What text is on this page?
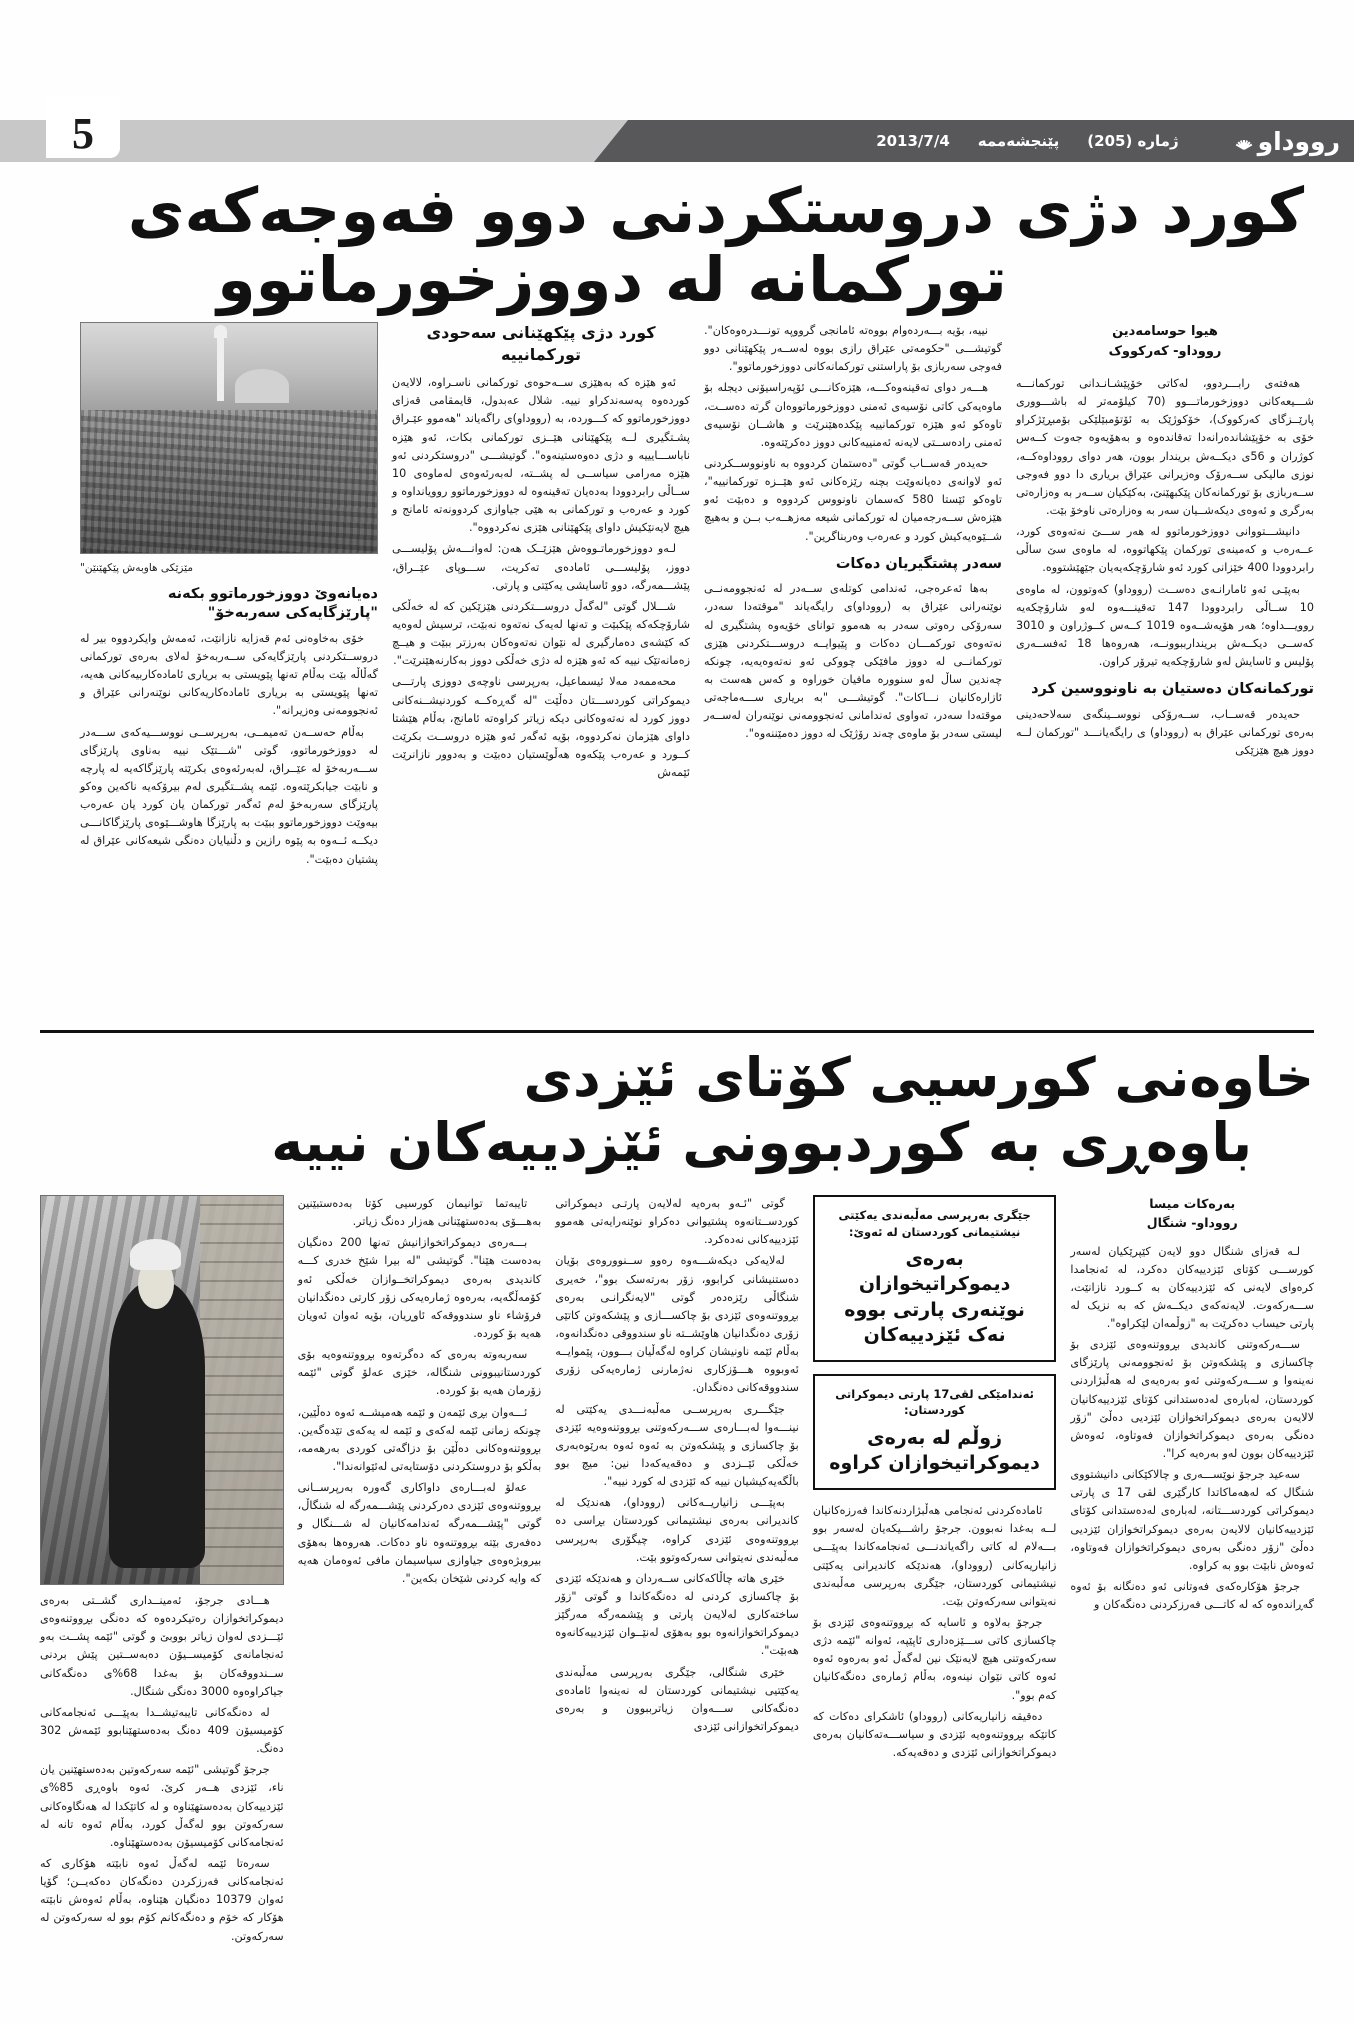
رووداو
ژماره (205)
پێنجشەممە
2013/7/4
5
کورد دژی دروستکردنی دوو فەوجەکەی
تورکمانە لە دووزخورماتوو
هیوا حوسامەدین
رووداو- کەرکووک

هەفتەی رابـــردوو، لەکاتی خۆپێشـانـدانی تورکمانـــە شـــیعەکانی دووزخورماتـــوو (70 کیلۆمەتر لە باشـــووری پارێــزگای کەرکووک)، خۆکوژێک بە ئۆتۆمبێلێکی بۆمبڕێژکراو خۆی بە خۆپێشاندەرانەدا تەقاندەوە و بەهۆیەوە جەوت کــەس کوژران و 56ی دیکــەش بریندار بوون، ھەر دوای رووداوەکــە، نوزی مالیکی ســەرۆک وەزیرانی عێراق بریاری دا دوو فەوجی ســەربازی بۆ تورکمانەکان پێکبهێنێ، بەکێکیان ســەر بە وەزارەتی بەرگری و ئەوەی دیکەشــیان سەر بە وەزارەتی ناوخۆ بێت.

دانیشـــتووانی دووزخورماتوو لە ھەر ســـێ نەتەوەی کورد، عــەرەب و کەمینەی تورکمان پێکهاتووە، لە ماوەی سێ ساڵی رابردوودا 400 خێزانی کورد ئەو شارۆچکەیەیان جێهێشتووە.

بەپێـی ئەو ئامارانـەی دەســت (رووداو) کەوتوون، لە ماوەی 10 ســاڵی رابردوودا 147 تەقینـــەوە لەو شارۆچکەیە روویـــداوە؛ ھەر ھۆیەشــەوە 1019 کــەس کــوژراون و 3010 کەســی دیکــەش بریندارببوونــە، ھەروەھا 18 ئەفســەری پۆلیس و ئاسایش لەو شارۆچکەیە تیرۆر کراون.

تورکمانەکان دەستیان بە ناونووسین کرد

حەیدەر قەســاب، ســەرۆکی نووســینگەی سەلاحەدینی بەرەی تورکمانی عێراق بە (رووداو) ی رایگەیانـــد "تورکمان لــە دووز ھیچ ھێزێکی

نییە، بۆیە بـــەردەوام بووەتە ئامانجی گرووپە تونـــدرەوەکان". گوتیشـــی "حکومەتی عێراق رازی بووە لەســەر پێکهێنانی دوو فەوجی سەربازی بۆ پاراستنی تورکمانەکانی دووزخورماتوو".

ھـــەر دوای تەقینەوەکـــە، ھێزەکانـــی ئۆپەراسیۆنی دیجلە بۆ ماوەیەکی کاتی نۆسیەی ئەمنی دووزخورماتووەان گرتە دەســت، تاوەکو ئەو ھێزە تورکمانییە پێکدەھێنرێت و ھاشــان نۆسیەی ئەمنی رادەســتی لایەنە ئەمنییەکانی دووز دەکرێتەوە.

حەیدەر قەســاب گوتی "دەستمان کردووە بە ناونووســکردنی ئەو لاوانەی دەیانەوێت بچنە رێزەکانی ئەو ھێــزە تورکمانییە"، تاوەکو ئێستا 580 کەسمان ناونووس کردووە و دەبێت ئەو ھێزەش ســەرجەمیان لە تورکمانی شیعە مەزھــەب بــن و بەھیچ شــێوەیەکیش کورد و عەرەب وەربناگرین".

سەدر پشتگیریان دەکات

بەھا ئەعرەجی، ئەندامی کوتلەی ســەدر لە ئەنجوومەنــی نوێنەرانی عێراق بە (رووداو)ی رایگەیاند "موقتەدا سەدر، سەرۆکی رەوتی سەدر بە ھەموو توانای خۆیەوە پشتگیری لە نەتەوەی تورکمـــان دەکات و پێیوایــە دروســـتکردنی ھێزی تورکمانــی لە دووز مافێکی چووکی ئەو نەتەوەیەیە، چونکە چەندین ساڵ لەو سنوورە مافیان خوراوە و کەس ھەست بە ئازارەکانیان نـــاکات". گوتیشـــی "بە بریاری ســـەماجەتی موقتەدا سەدر، تەواوی ئەندامانی ئەنجوومەنی نوێنەران لەســەر لیستی سەدر بۆ ماوەی چەند رۆژێک لە دووز دەمێننەوە".

کورد دژی پێکهێنانی سەحودی تورکمانییە

ئەو ھێزە کە بەھێزی ســەحوەی تورکمانی ناسـراوە، لالایەن کوردەوە پەسەندکراو نییە. شلال عەبدول، قایمقامی قەزای دووزخورماتوو کە کـــوردە، بە (رووداو)ی راگەیاند "ھەموو عێـراق پشـتگیری لــە پێکهێنانی ھێــزی تورکمانی بکات، ئەو ھێزە ناباســـایییە و دژی دەوەستینەوە". گوتیشـــی "دروستکردنی ئەو ھێزە مەرامی سیاســی لە پشــتە، لەبەرئەوەی لەماوەی 10 ســاڵی رابردوودا بەدەیان تەقینەوە لە دووزخورماتوو روویانداوە و کورد و عەرەب و تورکمانی بە ھێی جیاوازی کردوونەتە ئامانج و ھیچ لایەنێکیش داوای پێکھێنانی ھێزی نەکردووە".

لـەو دووزخورماتـووەش ھێزێــک ھەن: لەوانـــەش پۆلیســـی دووز، پۆلیســـی ئامادەی تەکریت، ســـوپای عێــراق، پێشـــمەرگە، دوو ئاسایشی یەکێتی و پارتی.

شـــلال گوتی "لەگەڵ دروســـتکردنی ھێزێکین کە لە خەڵکی شارۆچکەکە پێکبێت و تەنها لەیەک نەتەوە نەبێت، ترسیش لەوەیە کە کێشەی دەمارگیری لە نێوان نەتەوەکان بەرزتر ببێت و ھیــچ زەمانەتێک نییە کە ئەو ھێزە لە دژی خەڵکی دووز بەکارنەھێنرێت".

محەممەد مەلا ئیسماعیل، بەرپرسی ناوچەی دووزی پارتـــی دیموکراتی کوردســـتان دەڵێت "لە گەڕەکــە کوردنیشــنەکانی دووز کورد لە نەتەوەکانی دیکە زیاتر کراوەتە ئامانج، بەڵام ھێشتا داوای ھێزمان نەکردووە، بۆیە ئەگەر ئەو ھێزە دروســت بکرێت کــورد و عەرەب پێکەوە ھەڵوێستیان دەبێت و بەدوور نازانرێت ئێمەش

مێزێکی هاوبەش پێکهێنێن"
دەیانەوێ دووزخورماتوو بکەنە "پارێزگایەکی سەربەخۆ"

خۆی بەخاوەنی ئەم قەزایە نازانێت، ئەمەش وایکردووە بیر لە دروســتکردنی پارێزگایەکی ســەربەخۆ لەلای بەرەی تورکمانی گەڵاڵە بێت بەڵام تەنها پێویستی بە بریاری ئامادەکاربیەکانی ھەیە، تەنها پێویستی بە بریاری ئامادەکاریەکانی نوێنەرانی عێراق و ئەنجوومەنی وەزیرانە".

بەڵام حەســەن تەمیمــی، بەرپرســی نووســـیەکەی ســـەدر لە دووزخورماتوو، گوتی "شـــتێک نییە بەناوی پارێزگای ســـەربەخۆ لە عێــراق، لەبەرئەوەی بکرێتە پارێزگاکەیە لە پارچە و نابێت جیابکرێتەوە. ئێمە پشــتگیری لەم بیرۆکەیە ناکەین وەکو پارێزگای سەربەخۆ لەم ئەگەر تورکمان یان کورد یان عەرەب بیەوێت دووزخورماتوو ببێت بە پارێزگا ھاوشـــێوەی پارێزگاکانـــی دیکــە ئــەوە بە پێوە رازین و دڵنیایان دەنگی شیعەکانی عێراق لە پشتیان دەبێت".

خاوەنی کورسیی کۆتای ئێزدی
باوەڕی بە کوردبوونی ئێزدییەکان نییە
بەرەکات میسا
رووداو- شنگال

لـە قەزای شنگال دوو لایەن کێپرێکیان لەسەر کورســـی کۆتای ئێزدییەکان دەکرد، لە ئەنجامدا کرەوای لایەنی کە ئێزدییەکان بە کــورد نازانێت، ســـەرکەوت. لایەنەکەی دیکــەش کە بە نزیک لە پارتی حیساب دەکرێت بە "زوڵمەان لێکراوە".

ســـەرکەوتنی کاندیدی بڕووتنەوەی ئێزدی بۆ چاکسازی و پێشکەوتن بۆ ئەنجوومەنی پارێزگای نەینەوا و ســـەرکەوتنی ئەو بەرەیەی لە ھەڵبژاردنی کوردستان، لەبارەی لەدەستدانی کۆتای ئێزدییەکانیان لالایەن بەرەی دیموکراتخوازان ئێزدیی دەڵێ "زۆر دەنگی بەرەی دیموکراتخوازان فەوتاوە، ئەوەش ئێزدییەکان بوون لەو بەرەیە کرا".

سەعید جرجۆ نوێســـەری و چالاکێکانی دانیشتووی شنگال کە لەھەماکاتدا کارگێری لقی 17 ی پارتی دیموکراتی کوردســـتانە، لەبارەی لەدەستدانی کۆتای ئێزدییەکانیان لالایەن بەرەی دیموکراتخوازان ئێزدیی دەڵێ "زۆر دەنگی بەرەی دیموکراتخوازان فەوتاوە، ئەوەش نابێت بوو بە کراوە.

جرجۆ ھۆکارەکەی فەوتانی ئەو دەنگانە بۆ ئەوە گەڕاندەوە کە لە کاتـــی فەرزکردنی دەنگەکان و

جێگری بەرپرسی مەڵبەندی یەکێتی نیشتیمانی کوردستان لە ئەوێ:
بەرەی دیموکراتیخوازان نوێنەری پارتی بووە نەک ئێزدییەکان
ئەندامێکی لقی17 پارتی دیموکراتی کوردستان:
زوڵم لە بەرەی دیموکراتیخوازان کراوە

ئامادەکردنی ئەنجامی ھەڵبژاردنەکاندا فەرزەکانیان لــە بەغدا نەبوون. جرجۆ راشـــیکەیان لەسەر بوو بـــەلام لە کاتی راگەیاندنـــی ئەنجامەکاندا بەپێـــی زانیاریەکانی (رووداو)، ھەندێکە کاندیرانی یەکێتی نیشتیمانی کوردستان، جێگری بەرپرسی مەڵبەندی نەیتوانی سەرکەوتن بێت.

جرجۆ بەلاوە و ئاسایە کە بڕووتنەوەی ئێزدی بۆ چاکسازی کاتی ســـێزەداری ئاپێپە، ئەوانە "ئێمە دژی سەرکەوتنی ھیچ لایەنێک نین لەگەڵ ئەو بەرەوە ئەوە ئەوە کاتی نێوان نینەوە، بەڵام ژمارەی دەنگەکانیان کەم بوو".

دەقیقە زانیاریەکانی (رووداو) ئاشکرای دەکات کە کاتێکە بڕووتنەوەیە ئێزدی و سیاســـەتەکانیان بەرەی دیموکراتخوازانی ئێزدی و دەقەیەکە.

گوتی "ئـەو بەرەیە لەلایەن پارتـی دیموکراتی کوردســتانەوە پشتیوانی دەکراو نوێنەرایەتی ھەموو ئێزدییەکانی نەدەکرد.

لەلایەکی دیکەشـــەوە رەوو ســنووروەی بۆیان دەستنیشانی کرابوو، زۆر بەرتەسک بوو"، خەیری شنگاڵی رێزەدەر گوتی "لایەنگرانـی بەرەی بڕووتنەوەی ئێزدی بۆ چاکســـازی و پێشکەوتن کاتێی زۆری دەنگدانیان ھاوێشــتە ناو سندووقی دەنگدانەوە، بەڵام ئێمە ناونیشان کراوە لەگەڵیان بـــوون، پێموایــە ئەوبووە ھـــۆزکاری نەژمارنی ژمارەیەکی زۆری سندووقەکانی دەنگدان.

جێگـــری بەرپرســی مەڵبەنـــدی یەکێتی لە نینـــەوا لەبـــارەی ســـەرکەوتنی بڕووتنەوەیە ئێزدی بۆ چاکسازی و پێشکەوتن بە ئەوە ئەوە بەرێوەبەری خەڵکی ئێــزدی و دەقەیەکەدا نین: میچ بوو باڵگەیەکیشیان نییە کە ئێزدی لە کورد نییە".

بەپێـــی زانیاریــەکانی (رووداو)، ھەندێک لە کاندیرانی بەرەی نیشتیمانی کوردستان بڕاسی دە بڕووتنەوەی ئێزدی کراوە، چیگۆری بەرپرسی مەڵبەندی نەیتوانی سەرکەوتوو بێت.

خێری ھاتە چاڵاکەکانی ســەردان و هەندێکە ئێزدی بۆ چاکسازی کردنی لە دەنگەکاندا و گوتی "زۆر ساختەکاری لەلایەن پارتی و پێشمەرگە مەرگێز دیموکراتخوازانەوە بوو بەھۆی لەنێــوان ئێزدییەکانەوە ھەبێت".

خێری شنگالی، جێگری بەرپرسی مەڵبەندی یەکێتیی نیشتیمانی کوردستان لە نەینەوا ئامادەی دەنگەکانی ســـەوان زیاترببوون و بەرەی دیموکراتخوازانی ئێزدی

تایبەتما توانیمان کورسیی کۆتا بەدەستبێنین بەھـــۆی بەدەستهێنانی ھەزار دەنگ زیاتر.

بـــەرەی دیموکراتخوازانیش تەنها 200 دەنگیان بەدەست هێنا". گوتیشی "لە بیرا شێخ خدری کـــە کاندیدی بەرەی دیموکراتخــوازان خەڵکی ئەو کۆمەڵگەیە، بەرەوە ژمارەیەکی زۆر کارتی دەنگدانیان فرۆشاء ناو سندووقەکە ئاوڕیان، بۆیە ئەوان ئەویان ھەیە بۆ کوردە.

سەربەوتە بەرەی کە دەگرتەوە بڕووتنەوەیە بۆی کوردستانیبوونی شنگالە، خێزی عەلۆ گوتی "ئێمە زۆرمان ھەیە بۆ کوردە.

ئـــەوان بڕی ئێمەن و ئێمە ھەمیشــە ئەوە دەڵێین، چونکە زمانی ئێمە لەکەی و ئێمە لە یەکەی تێدەگەین. بڕووتنەوەکانی دەڵێن بۆ دزاگەتی کوردی بەرھەمە، بەڵکو بۆ دروستکردنی دۆستایەتی لەئێوانەندا".

عەلۆ لەبـــارەی داواکاری گەورە بەرپرســانی بڕووتنەوەی ئێزدی دەرکردنی پێشـــمەرگە لە شنگاڵ، گوتی "پێشـــمەرگە ئەندامەکانیان لە شـــنگال و دەفەری بێتە بڕووتنەوە ناو دەکات. ھەروەھا بەھۆی بیروبژەوەی جیاوازی سیاسیمان مافی ئەوەمان ھەیە کە وایە کردنی شێخان بکەین".

ھـــادی جرجۆ، ئەمینــداری گشــتی بەرەی دیموکراتخوازان رەتیکردەوە کە دەنگی بڕووتنەوەی ئێـــزدی لەوان زیاتر بووبێ و گوتی "ئێمە پشــت بەو ئەنجامانەی کۆمیســیۆن دەبەســتین پێش بردنی ســندووقەکان بۆ بەغدا 68%ی دەنگەکانی جیاکراوەوە 3000 دەنگی شنگال.

لە دەنگەکانی تایبەتیشــدا بەپێـــی ئەنجامەکانی کۆمیسیۆن 409 دەنگ بەدەستهێنابوو ئێمەش 302 دەنگ.

جرجۆ گوتیشی "ئێمە سەرکەوتین بەدەستهێنین یان ناء، ئێزدی ھــەر کرێ. ئەوە باوەڕی 85%ی ئێزدییەکان بەدەستهێناوە و لە کاتێکدا لە ھەنگاوەکانی سەرکەوتن بوو لەگەڵ کورد، بەڵام ئەوە تانە لە ئەنجامەکانی کۆمیسیۆن بەدەستهێناوە.

سەرەتا ئێمە لەگەڵ ئەوە نابێتە ھۆکاری کە ئەنجامەکانی فەرزکردن دەنگەکان دەکەیــن؛ گۆیا ئەوان 10379 دەنگیان ھێناوە، بەڵام ئەوەش نابێتە ھۆکار کە خۆم و دەنگەکانم کۆم بوو لە سەرکەوتن لە سەرکەوتن.
